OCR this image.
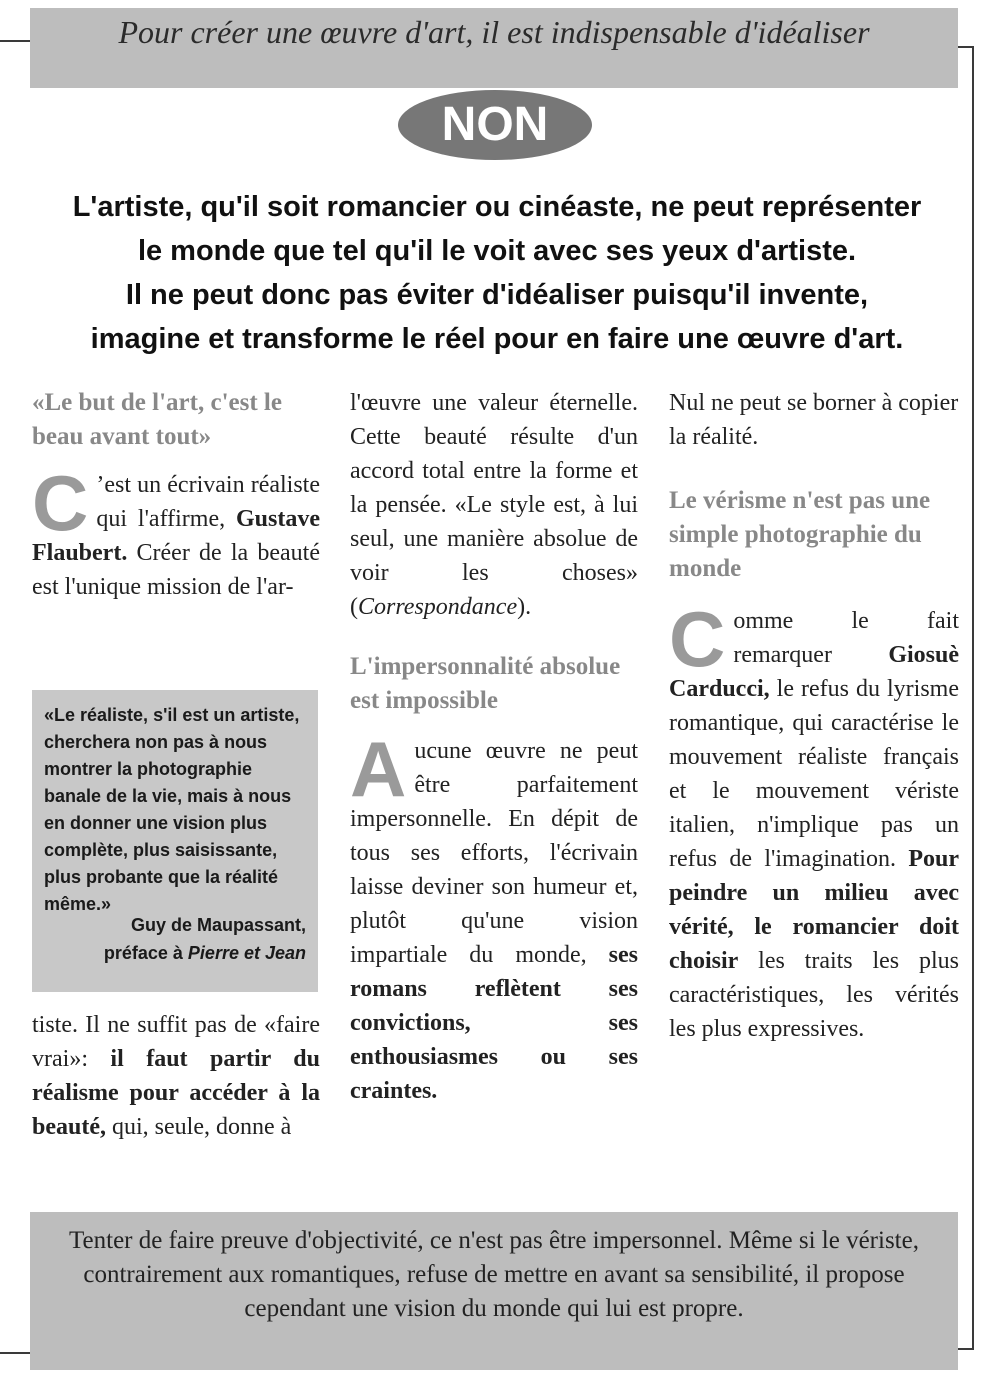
Pour créer une œuvre d'art, il est indispensable d'idéaliser
NON

L'artiste, qu'il soit romancier ou cinéaste, ne peut représenter
le monde que tel qu'il le voit avec ses yeux d'artiste.
Il ne peut donc pas éviter d'idéaliser puisqu'il invente,
imagine et transforme le réel pour en faire une œuvre d'art.

«Le but de l'art, c'est le beau avant tout»

C ’est un écrivain réaliste qui l'affirme, Gustave Flaubert. Créer de la beauté est l'unique mission de l'ar-

«Le réaliste, s'il est un artiste, cherchera non pas à nous montrer la photographie banale de la vie, mais à nous en donner une vision plus complète, plus saisissante, plus probante que la réalité même.»

Guy de Maupassant,
préface à Pierre et Jean

tiste. Il ne suffit pas de «faire vrai»: il faut partir du réalisme pour accéder à la beauté, qui, seule, donne à

l'œuvre une valeur éternelle. Cette beauté résulte d'un accord total entre la forme et la pensée. «Le style est, à lui seul, une manière absolue de voir les choses» (Correspondance).

L'impersonnalité absolue est impossible

Aucune œuvre ne peut être parfaitement impersonnelle. En dépit de tous ses efforts, l'écrivain laisse deviner son humeur et, plutôt qu'une vision impartiale du monde, ses romans reflètent ses convictions, ses enthousiasmes ou ses craintes.

Nul ne peut se borner à copier la réalité.

Le vérisme n'est pas une simple photographie du monde

Comme le fait remarquer Giosuè Carducci, le refus du lyrisme romantique, qui caractérise le mouvement réaliste français et le mouvement vériste italien, n'implique pas un refus de l'imagination. Pour peindre un milieu avec vérité, le romancier doit choisir les traits les plus caractéristiques, les vérités les plus expressives.

Tenter de faire preuve d'objectivité, ce n'est pas être impersonnel. Même si le vériste, contrairement aux romantiques, refuse de mettre en avant sa sensibilité, il propose cependant une vision du monde qui lui est propre.
